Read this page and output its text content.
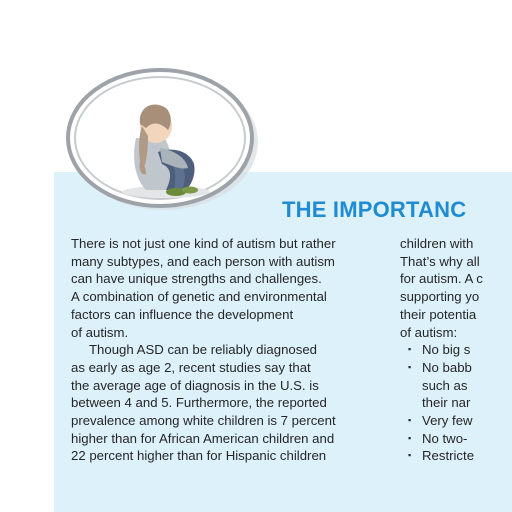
THE IMPORTANC

There is not just one kind of autism but rather
many subtypes, and each person with autism
can have unique strengths and challenges.
A combination of genetic and environmental
factors can influence the development
of autism.

Though ASD can be reliably diagnosed
as early as age 2, recent studies say that
the average age of diagnosis in the U.S. is
between 4 and 5. Furthermore, the reported
prevalence among white children is 7 percent
higher than for African American children and
22 percent higher than for Hispanic children

children with
That’s why all
for autism. A c
supporting yo
their potentia
of autism:

▪ No big s
▪ No babb
such as
their nar
▪ Very few
▪ No two-
▪ Restricte
